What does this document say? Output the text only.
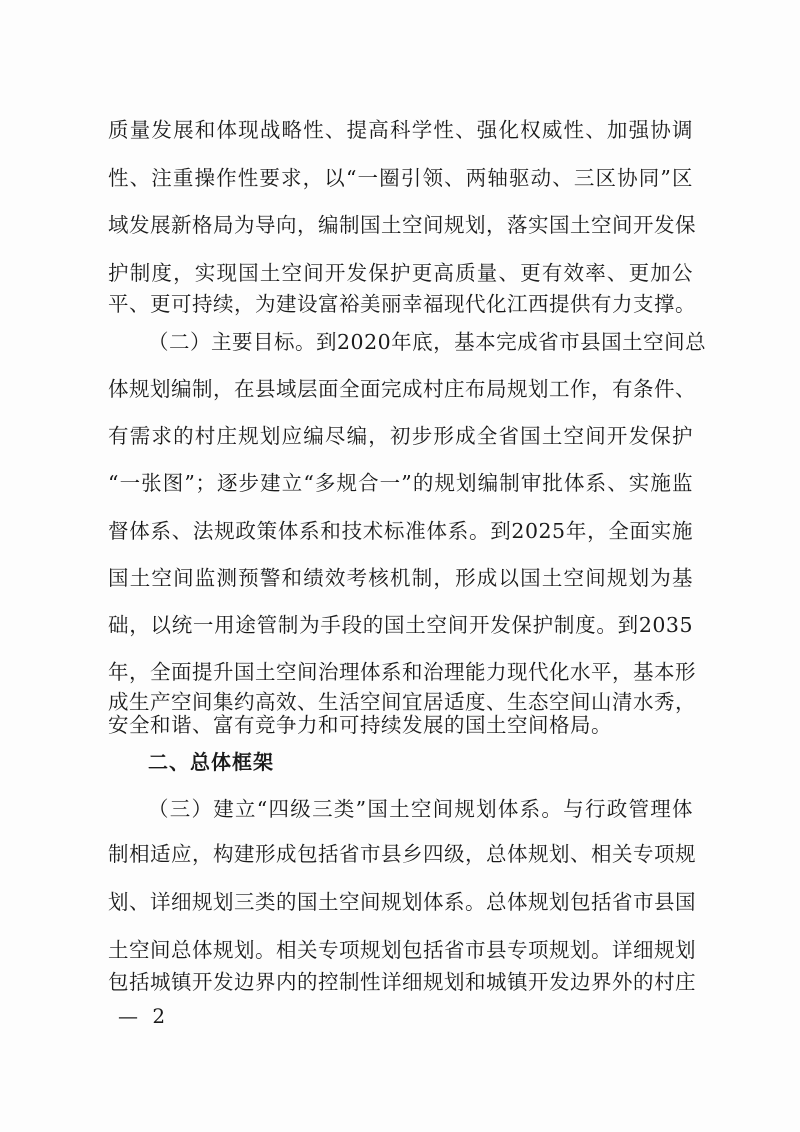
质量发展和体现战略性、提高科学性、强化权威性、加强协调
性、注重操作性要求，以“一圈引领、两轴驱动、三区协同”区
域发展新格局为导向，编制国土空间规划，落实国土空间开发保
护制度，实现国土空间开发保护更高质量、更有效率、更加公
平、更可持续，为建设富裕美丽幸福现代化江西提供有力支撑。
（二）主要目标。到2020年底，基本完成省市县国土空间总
体规划编制，在县域层面全面完成村庄布局规划工作，有条件、
有需求的村庄规划应编尽编，初步形成全省国土空间开发保护
“一张图”；逐步建立“多规合一”的规划编制审批体系、实施监
督体系、法规政策体系和技术标准体系。到2025年，全面实施
国土空间监测预警和绩效考核机制，形成以国土空间规划为基
础，以统一用途管制为手段的国土空间开发保护制度。到2035
年，全面提升国土空间治理体系和治理能力现代化水平，基本形
成生产空间集约高效、生活空间宜居适度、生态空间山清水秀，
安全和谐、富有竞争力和可持续发展的国土空间格局。
二、总体框架
（三）建立“四级三类”国土空间规划体系。与行政管理体
制相适应，构建形成包括省市县乡四级，总体规划、相关专项规
划、详细规划三类的国土空间规划体系。总体规划包括省市县国
土空间总体规划。相关专项规划包括省市县专项规划。详细规划
包括城镇开发边界内的控制性详细规划和城镇开发边界外的村庄
— 2
